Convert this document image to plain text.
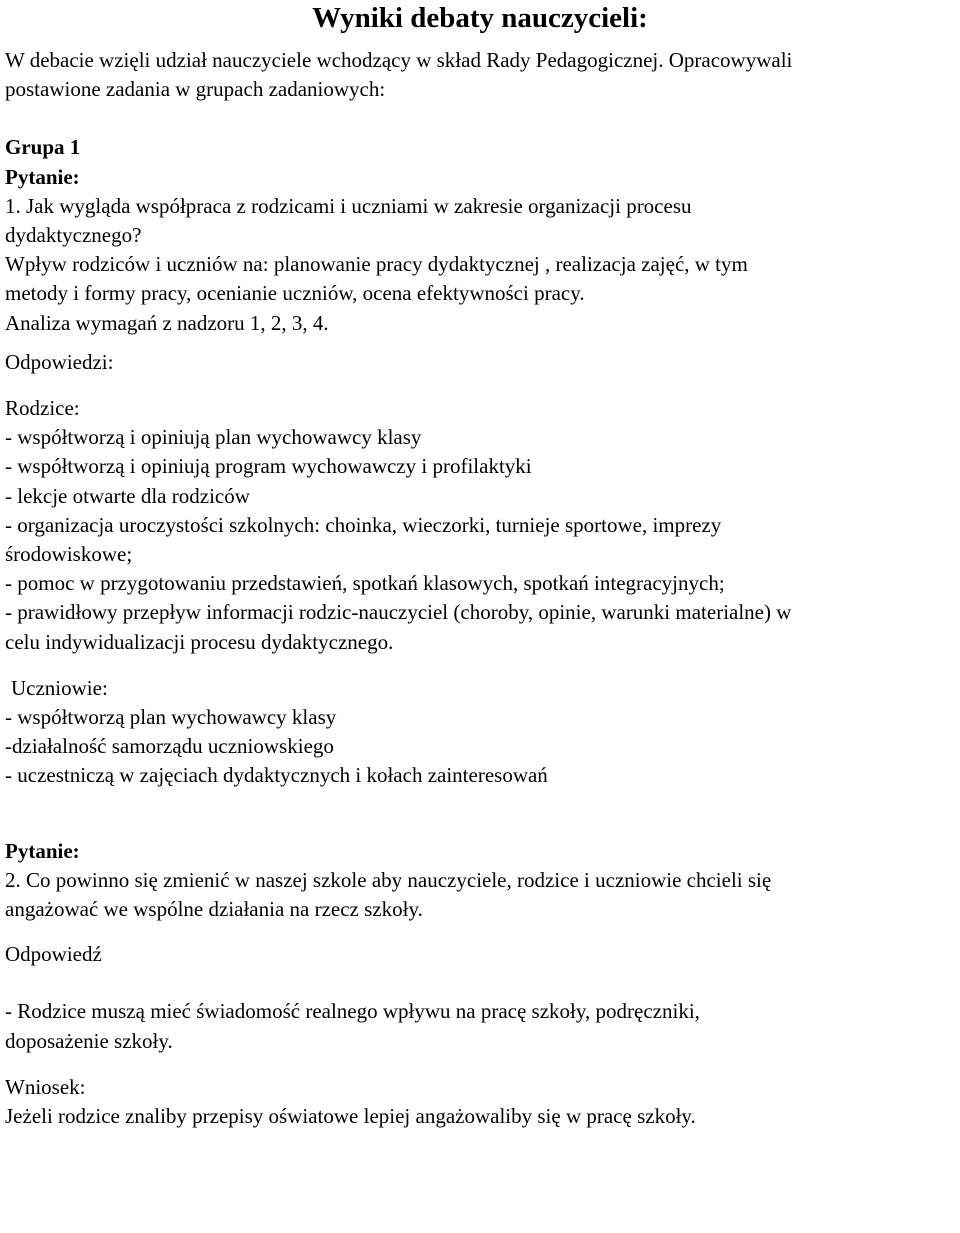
Wyniki debaty nauczycieli:
W debacie wzięli udział nauczyciele wchodzący w skład Rady Pedagogicznej. Opracowywali
postawione zadania w grupach zadaniowych:
Grupa 1
Pytanie:
1. Jak wygląda współpraca z rodzicami i uczniami w zakresie organizacji procesu
dydaktycznego?
Wpływ rodziców i uczniów na: planowanie pracy dydaktycznej , realizacja zajęć, w tym
metody i formy pracy, ocenianie uczniów, ocena efektywności pracy.
Analiza wymagań z nadzoru 1, 2, 3, 4.
Odpowiedzi:
Rodzice:
- współtworzą i opiniują plan wychowawcy klasy
- współtworzą i opiniują program wychowawczy i profilaktyki
- lekcje otwarte dla rodziców
- organizacja uroczystości szkolnych: choinka, wieczorki, turnieje sportowe, imprezy
środowiskowe;
- pomoc w przygotowaniu przedstawień, spotkań klasowych, spotkań integracyjnych;
- prawidłowy przepływ informacji rodzic-nauczyciel (choroby, opinie, warunki materialne) w
celu indywidualizacji procesu dydaktycznego.
Uczniowie:
- współtworzą plan wychowawcy klasy
-działalność samorządu uczniowskiego
- uczestniczą w zajęciach dydaktycznych i kołach zainteresowań
Pytanie:
2. Co powinno się zmienić w naszej szkole aby nauczyciele, rodzice i uczniowie chcieli się
angażować we wspólne działania na rzecz szkoły.
Odpowiedź
- Rodzice muszą mieć świadomość realnego wpływu na pracę szkoły, podręczniki,
doposażenie szkoły.
Wniosek:
Jeżeli rodzice znaliby przepisy oświatowe lepiej angażowaliby się w pracę szkoły.
